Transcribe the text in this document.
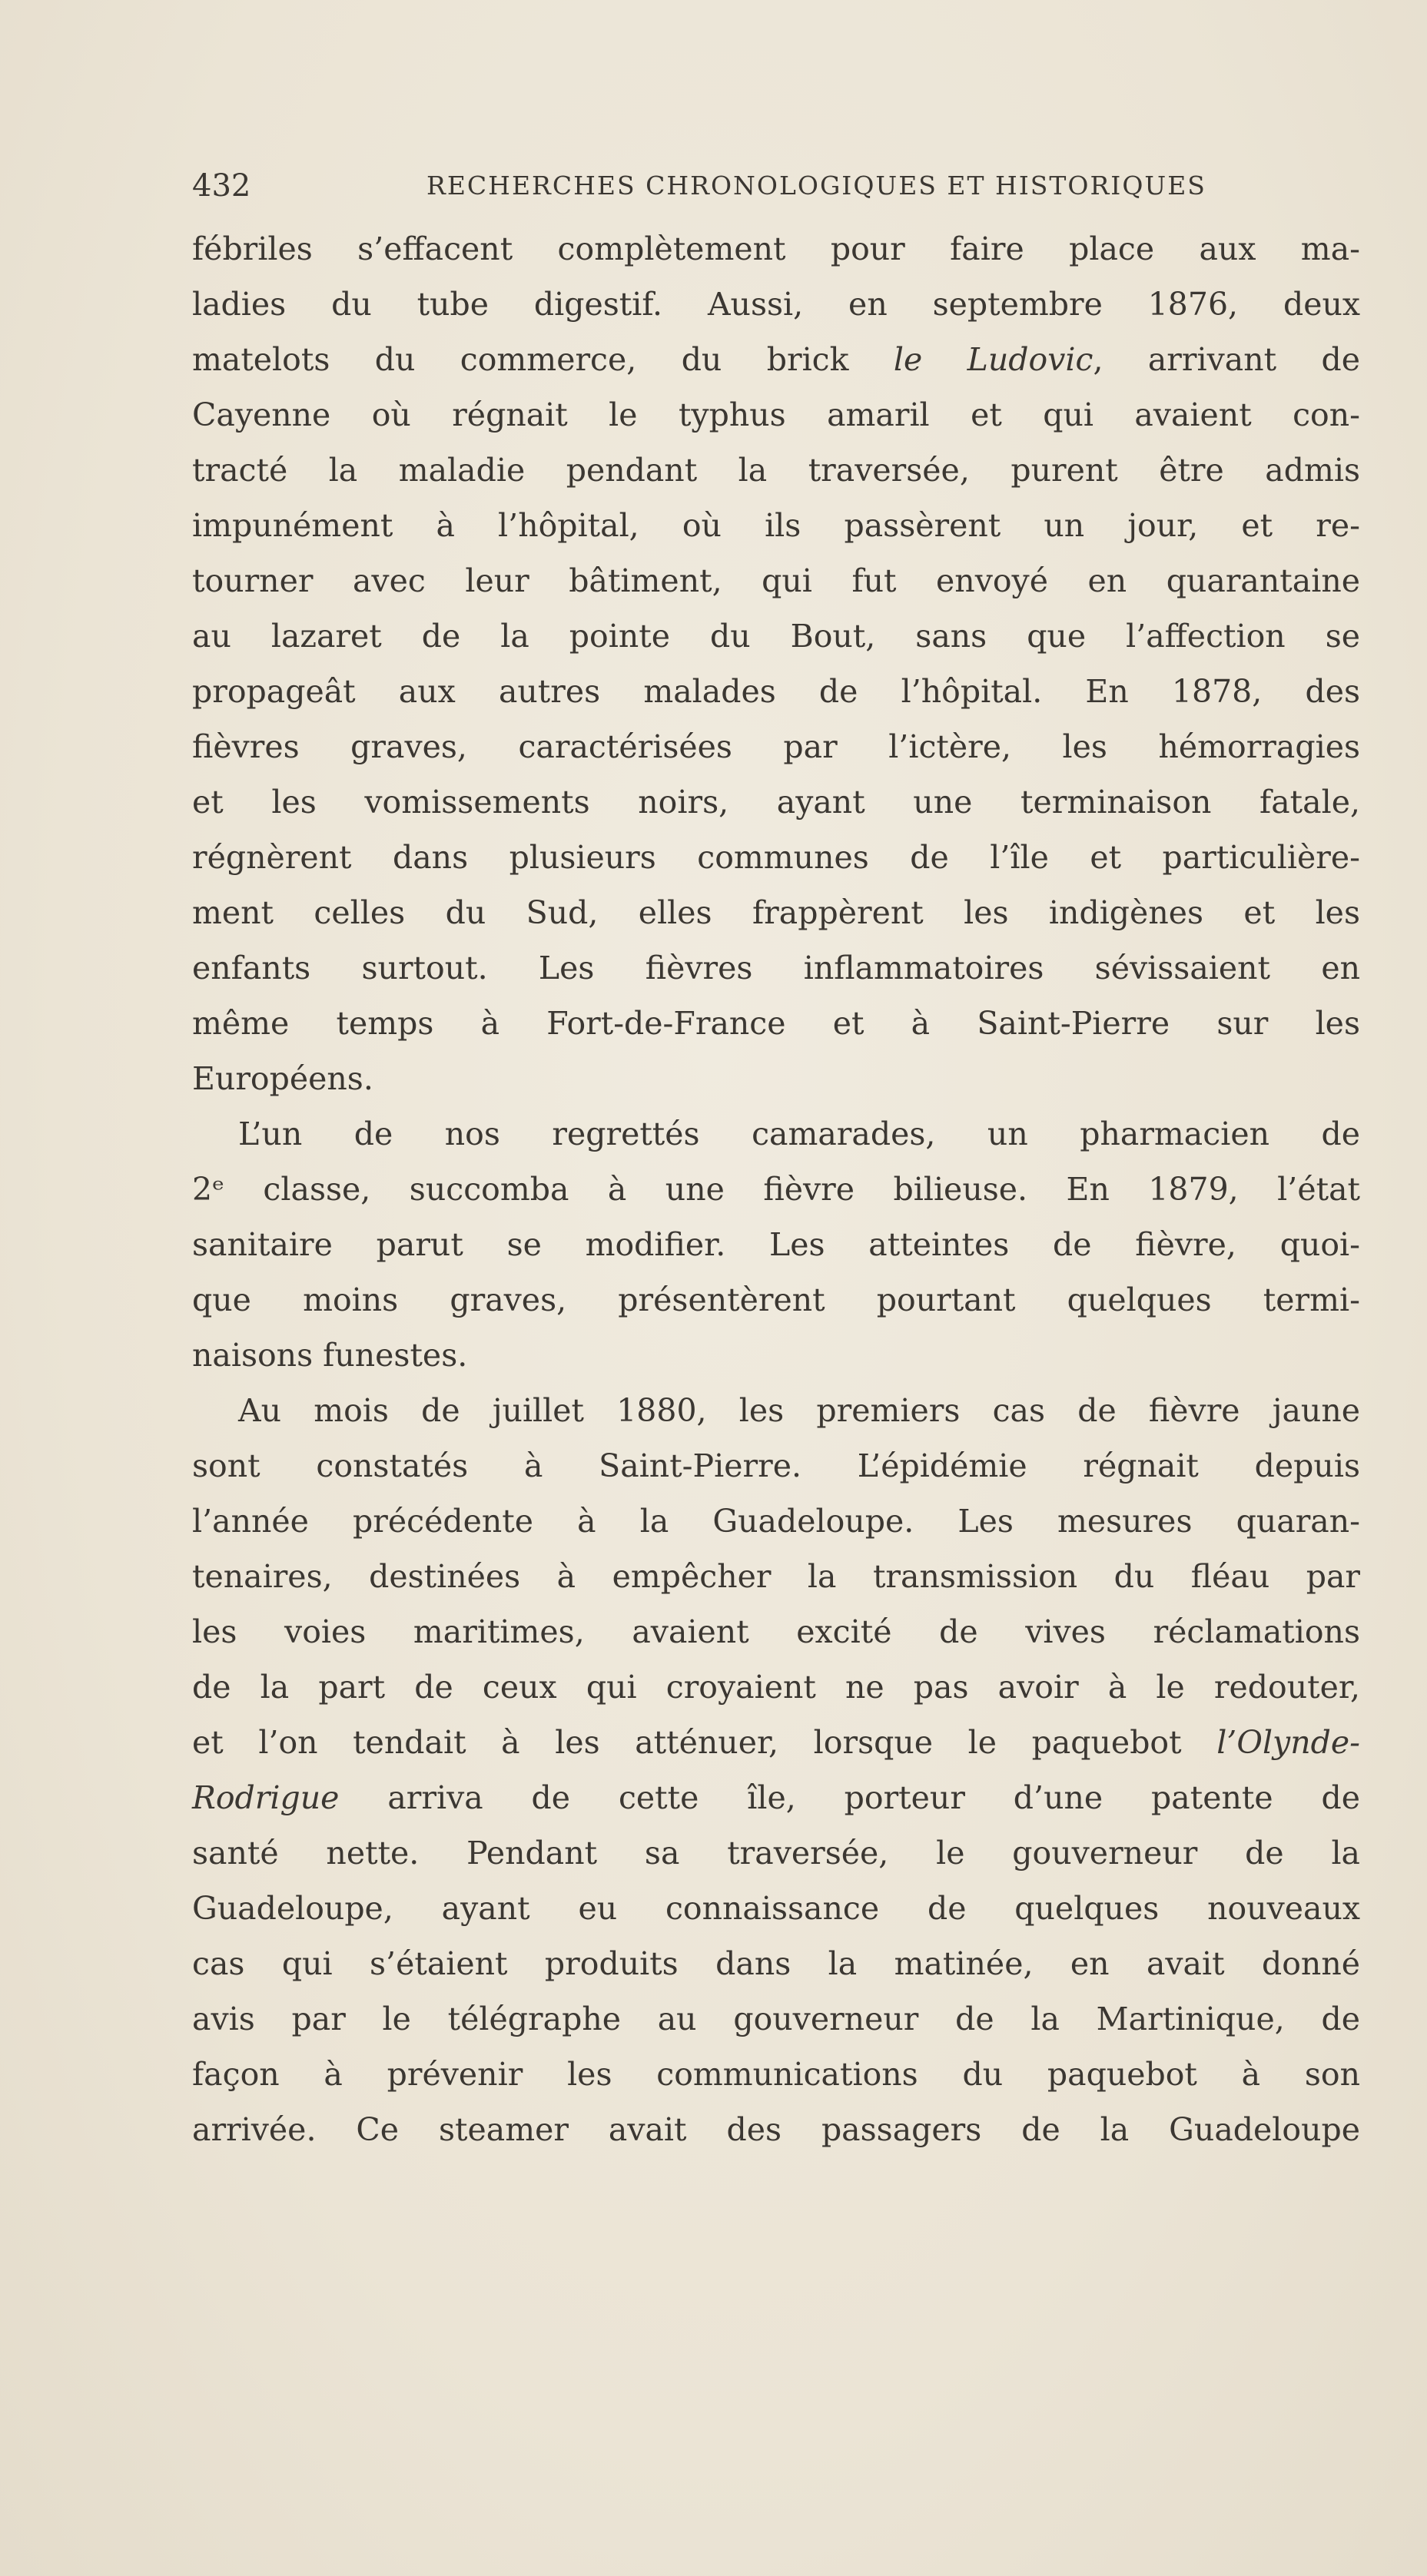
432	RECHERCHES CHRONOLOGIQUES ET HISTORIQUES
fébriles s’effacent complètement pour faire place aux ma-
ladies du tube digestif. Aussi, en septembre 1876, deux
matelots du commerce, du brick le Ludovic, arrivant de
Cayenne où régnait le typhus amaril et qui avaient con-
tracté la maladie pendant la traversée, purent être admis
impunément à l’hôpital, où ils passèrent un jour, et re-
tourner avec leur bâtiment, qui fut envoyé en quarantaine
au lazaret de la pointe du Bout, sans que l’affection se
propageât aux autres malades de l’hôpital. En 1878, des
fièvres graves, caractérisées par l’ictère, les hémorragies
et les vomissements noirs, ayant une terminaison fatale,
régnèrent dans plusieurs communes de l’île et particulière-
ment celles du Sud, elles frappèrent les indigènes et les
enfants surtout. Les fièvres inflammatoires sévissaient en
même temps à Fort-de-France et à Saint-Pierre sur les
Européens.
L’un de nos regrettés camarades, un pharmacien de
2ᵉ classe, succomba à une fièvre bilieuse. En 1879, l’état
sanitaire parut se modifier. Les atteintes de fièvre, quoi-
que moins graves, présentèrent pourtant quelques termi-
naisons funestes.
Au mois de juillet 1880, les premiers cas de fièvre jaune
sont constatés à Saint-Pierre. L’épidémie régnait depuis
l’année précédente à la Guadeloupe. Les mesures quaran-
tenaires, destinées à empêcher la transmission du fléau par
les voies maritimes, avaient excité de vives réclamations
de la part de ceux qui croyaient ne pas avoir à le redouter,
et l’on tendait à les atténuer, lorsque le paquebot l’Olynde-
Rodrigue arriva de cette île, porteur d’une patente de
santé nette. Pendant sa traversée, le gouverneur de la
Guadeloupe, ayant eu connaissance de quelques nouveaux
cas qui s’étaient produits dans la matinée, en avait donné
avis par le télégraphe au gouverneur de la Martinique, de
façon à prévenir les communications du paquebot à son
arrivée. Ce steamer avait des passagers de la Guadeloupe
